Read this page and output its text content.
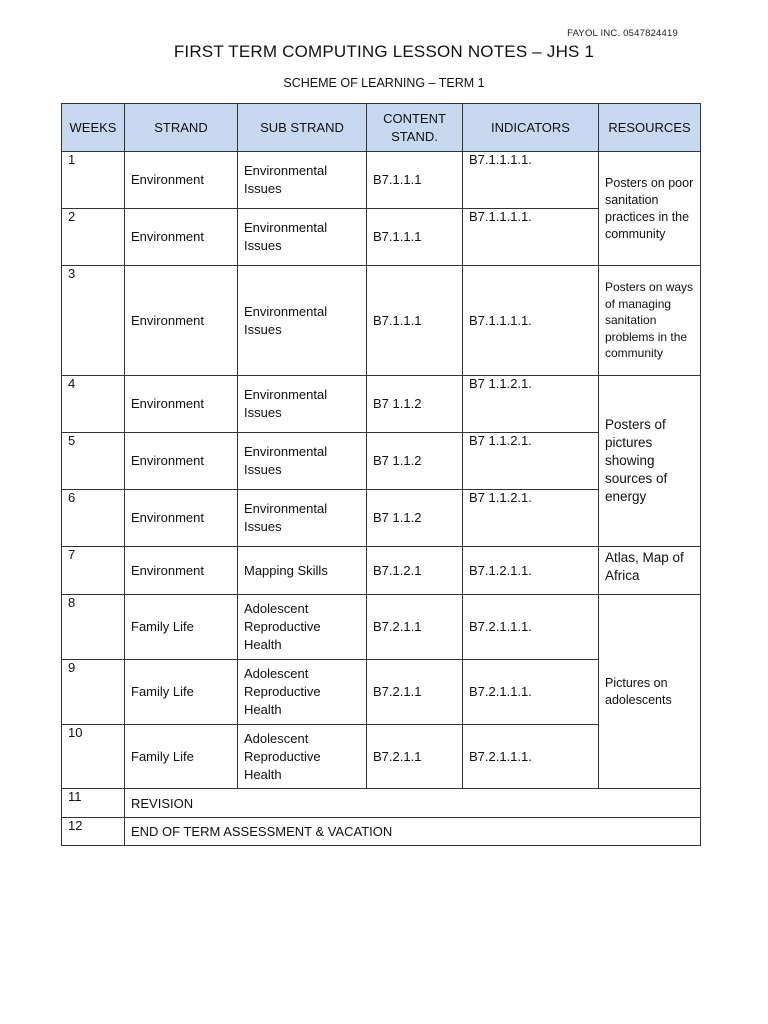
FAYOL INC. 0547824419
FIRST TERM COMPUTING LESSON NOTES – JHS 1
SCHEME OF LEARNING – TERM 1
WEEKS	STRAND	SUB STRAND	CONTENT STAND.	INDICATORS	RESOURCES
1	Environment	Environmental Issues	B7.1.1.1	B7.1.1.1.1.	Posters on poor sanitation practices in the community
2	Environment	Environmental Issues	B7.1.1.1	B7.1.1.1.1.	
3	Environment	Environmental Issues	B7.1.1.1	B7.1.1.1.1.	Posters on ways of managing sanitation problems in the community
4	Environment	Environmental Issues	B7 1.1.2	B7 1.1.2.1.	Posters of pictures showing sources of energy
5	Environment	Environmental Issues	B7 1.1.2	B7 1.1.2.1.	
6	Environment	Environmental Issues	B7 1.1.2	B7 1.1.2.1.	
7	Environment	Mapping Skills	B7.1.2.1	B7.1.2.1.1.	Atlas, Map of Africa
8	Family Life	Adolescent Reproductive Health	B7.2.1.1	B7.2.1.1.1.	Pictures on adolescents
9	Family Life	Adolescent Reproductive Health	B7.2.1.1	B7.2.1.1.1.	
10	Family Life	Adolescent Reproductive Health	B7.2.1.1	B7.2.1.1.1.	
11	REVISION				
12	END OF TERM ASSESSMENT & VACATION				
